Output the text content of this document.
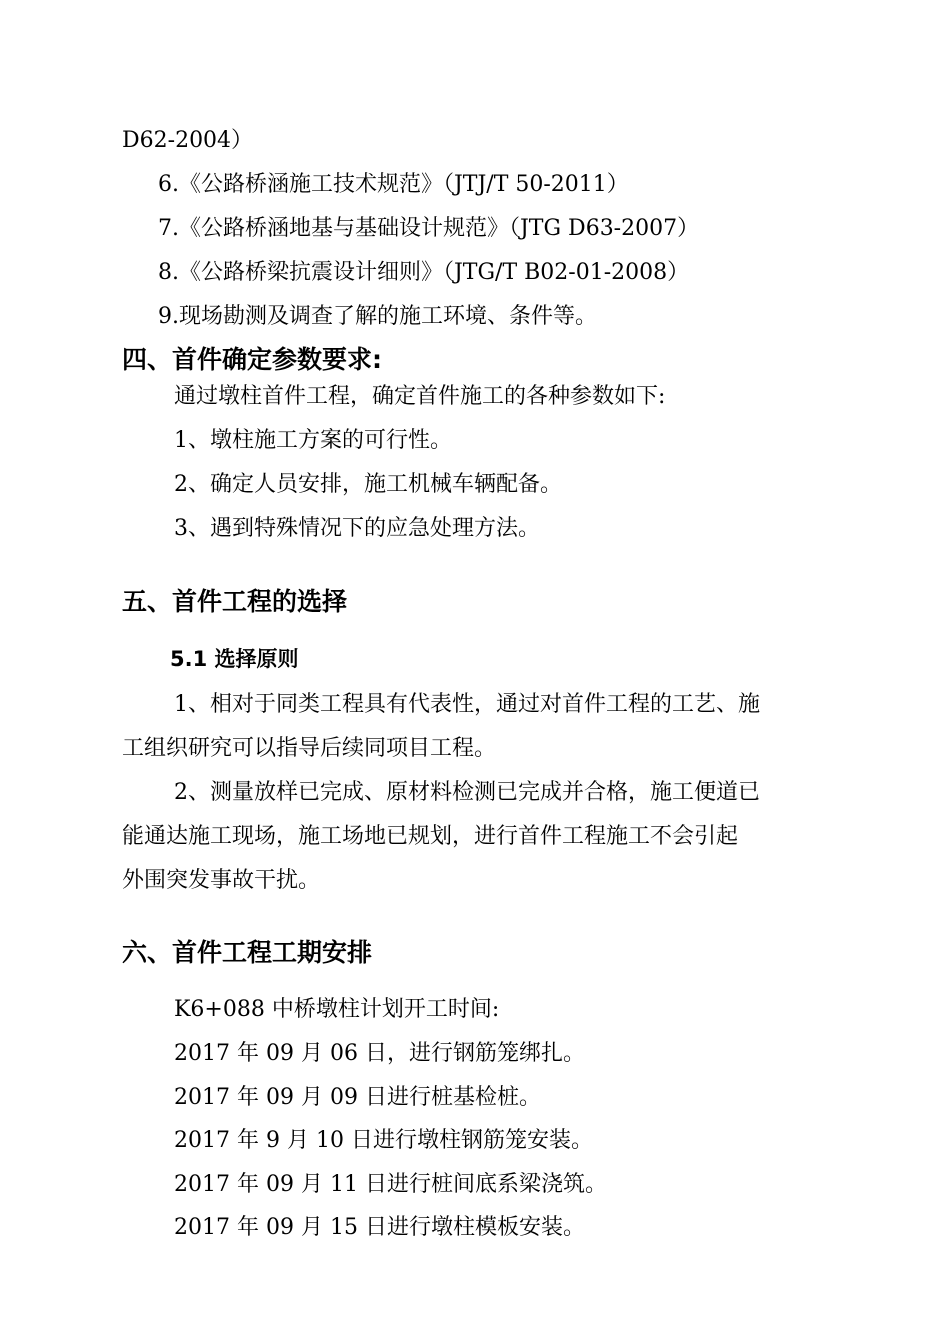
D62-2004）

6.《公路桥涵施工技术规范》（JTJ/T 50-2011）

7.《公路桥涵地基与基础设计规范》（JTG D63-2007）

8.《公路桥梁抗震设计细则》（JTG/T B02-01-2008）

9.现场勘测及调查了解的施工环境、条件等。

四、首件确定参数要求:

通过墩柱首件工程，确定首件施工的各种参数如下:

1、墩柱施工方案的可行性。

2、确定人员安排，施工机械车辆配备。

3、遇到特殊情况下的应急处理方法。

五、首件工程的选择
5.1 选择原则

1、相对于同类工程具有代表性，通过对首件工程的工艺、施

工组织研究可以指导后续同项目工程。

2、测量放样已完成、原材料检测已完成并合格，施工便道已

能通达施工现场，施工场地已规划，进行首件工程施工不会引起

外围突发事故干扰。

六、首件工程工期安排

K6+088 中桥墩柱计划开工时间:

2017 年 09 月 06 日，进行钢筋笼绑扎。

2017 年 09 月 09 日进行桩基检桩。

2017 年 9 月 10 日进行墩柱钢筋笼安装。

2017 年 09 月 11 日进行桩间底系梁浇筑。

2017 年 09 月 15 日进行墩柱模板安装。
